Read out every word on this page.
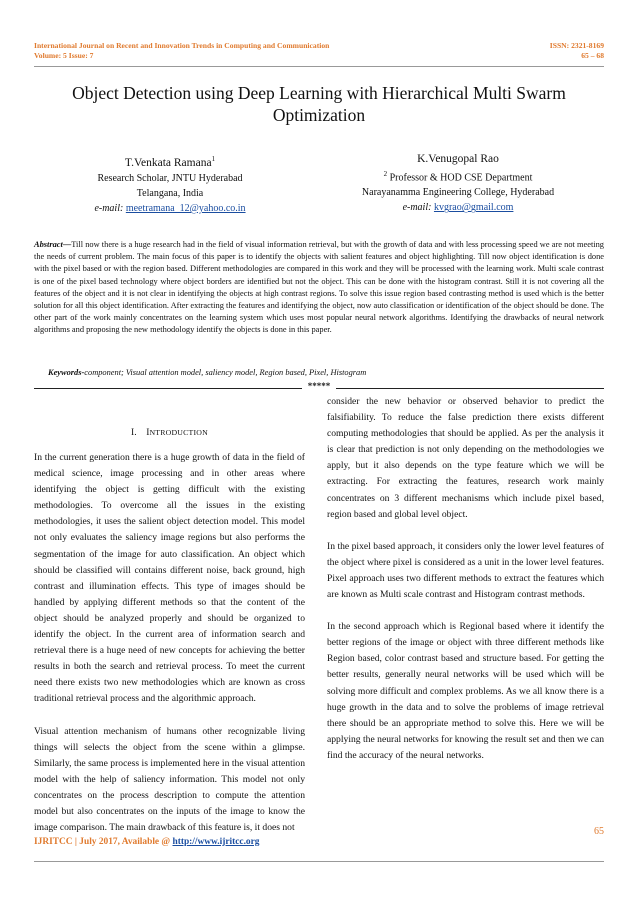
International Journal on Recent and Innovation Trends in Computing and Communication
Volume: 5 Issue: 7
ISSN: 2321-8169
65 – 68
Object Detection using Deep Learning with Hierarchical Multi Swarm
Optimization
T.Venkata Ramana$^1$
Research Scholar, JNTU Hyderabad
Telangana, India
e-mail: meetramana_12@yahoo.co.in
K.Venugopal Rao
$^2$ Professor & HOD CSE Department
Narayanamma Engineering College, Hyderabad
e-mail: kvgrao@gmail.com
Abstract—Till now there is a huge research had in the field of visual information retrieval, but with the growth of data and with less processing speed we are not meeting the needs of current problem. The main focus of this paper is to identify the objects with salient features and object highlighting. Till now object identification is done with the pixel based or with the region based. Different methodologies are compared in this work and they will be processed with the learning work. Multi scale contrast is one of the pixel based technology where object borders are identified but not the object. This can be done with the histogram contrast. Still it is not covering all the features of the object and it is not clear in identifying the objects at high contrast regions. To solve this issue region based contrasting method is used which is the better solution for all this object identification. After extracting the features and identifying the object, now auto classification or identification of the object should be done. The other part of the work mainly concentrates on the learning system which uses most popular neural network algorithms. Identifying the drawbacks of neural network algorithms and proposing the new methodology identify the objects is done in this paper.
Keywords-component; Visual attention model, saliency model, Region based, Pixel, Histogram
*****
I. INTRODUCTION

In the current generation there is a huge growth of data in the field of medical science, image processing and in other areas where identifying the object is getting difficult with the existing methodologies. To overcome all the issues in the existing methodologies, it uses the salient object detection model. This model not only evaluates the saliency image regions but also performs the segmentation of the image for auto classification. An object which should be classified will contains different noise, back ground, high contrast and illumination effects. This type of images should be handled by applying different methods so that the content of the object should be analyzed properly and should be organized to identify the object. In the current area of information search and retrieval there is a huge need of new concepts for achieving the better results in both the search and retrieval process. To meet the current need there exists two new methodologies which are known as cross traditional retrieval process and the algorithmic approach.

Visual attention mechanism of humans other recognizable living things will selects the object from the scene within a glimpse. Similarly, the same process is implemented here in the visual attention model with the help of saliency information. This model not only concentrates on the process description to compute the attention model but also concentrates on the inputs of the image to know the image comparison. The main drawback of this feature is, it does not

consider the new behavior or observed behavior to predict the falsifiability. To reduce the false prediction there exists different computing methodologies that should be applied. As per the analysis it is clear that prediction is not only depending on the methodologies we apply, but it also depends on the type feature which we will be extracting. For extracting the features, research work mainly concentrates on 3 different mechanisms which include pixel based, region based and global level object.

In the pixel based approach, it considers only the lower level features of the object where pixel is considered as a unit in the lower level features. Pixel approach uses two different methods to extract the features which are known as Multi scale contrast and Histogram contrast methods.

In the second approach which is Regional based where it identify the better regions of the image or object with three different methods like Region based, color contrast based and structure based. For getting the better results, generally neural networks will be used which will be solving more difficult and complex problems. As we all know there is a huge growth in the data and to solve the problems of image retrieval there should be an appropriate method to solve this. Here we will be applying the neural networks for knowing the result set and then we can find the accuracy of the neural networks.

65
IJRITCC | July 2017, Available @ http://www.ijritcc.org
